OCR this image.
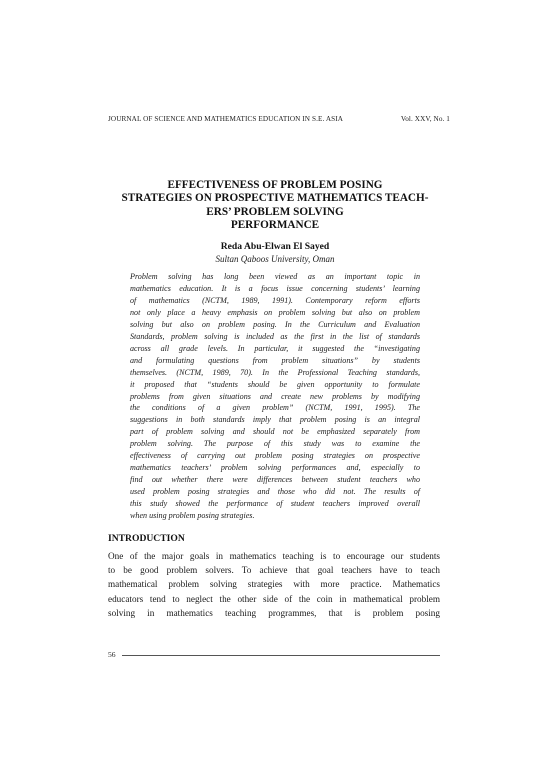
JOURNAL OF SCIENCE AND MATHEMATICS EDUCATION IN S.E. ASIA	Vol. XXV, No. 1
EFFECTIVENESS OF PROBLEM POSING
STRATEGIES ON PROSPECTIVE MATHEMATICS TEACH-
ERS’ PROBLEM SOLVING
PERFORMANCE
Reda Abu-Elwan El Sayed
Sultan Qaboos University, Oman
Problem solving has long been viewed as an important topic in
mathematics education. It is a focus issue concerning students’ learning
of mathematics (NCTM, 1989, 1991). Contemporary reform efforts
not only place a heavy emphasis on problem solving but also on problem
solving but also on problem posing. In the Curriculum and Evaluation
Standards, problem solving is included as the first in the list of standards
across all grade levels. In particular, it suggested the “investigating
and formulating questions from problem situations” by students
themselves. (NCTM, 1989, 70). In the Professional Teaching standards,
it proposed that “students should be given opportunity to formulate
problems from given situations and create new problems by modifying
the conditions of a given problem” (NCTM, 1991, 1995). The
suggestions in both standards imply that problem posing is an integral
part of problem solving and should not be emphasized separately from
problem solving. The purpose of this study was to examine the
effectiveness of carrying out problem posing strategies on prospective
mathematics teachers’ problem solving performances and, especially to
find out whether there were differences between student teachers who
used problem posing strategies and those who did not. The results of
this study showed the performance of student teachers improved overall
when using problem posing strategies.
INTRODUCTION
One of the major goals in mathematics teaching is to encourage our students
to be good problem solvers. To achieve that goal teachers have to teach
mathematical problem solving strategies with more practice. Mathematics
educators tend to neglect the other side of the coin in mathematical problem
solving in mathematics teaching programmes, that is problem posing
56
